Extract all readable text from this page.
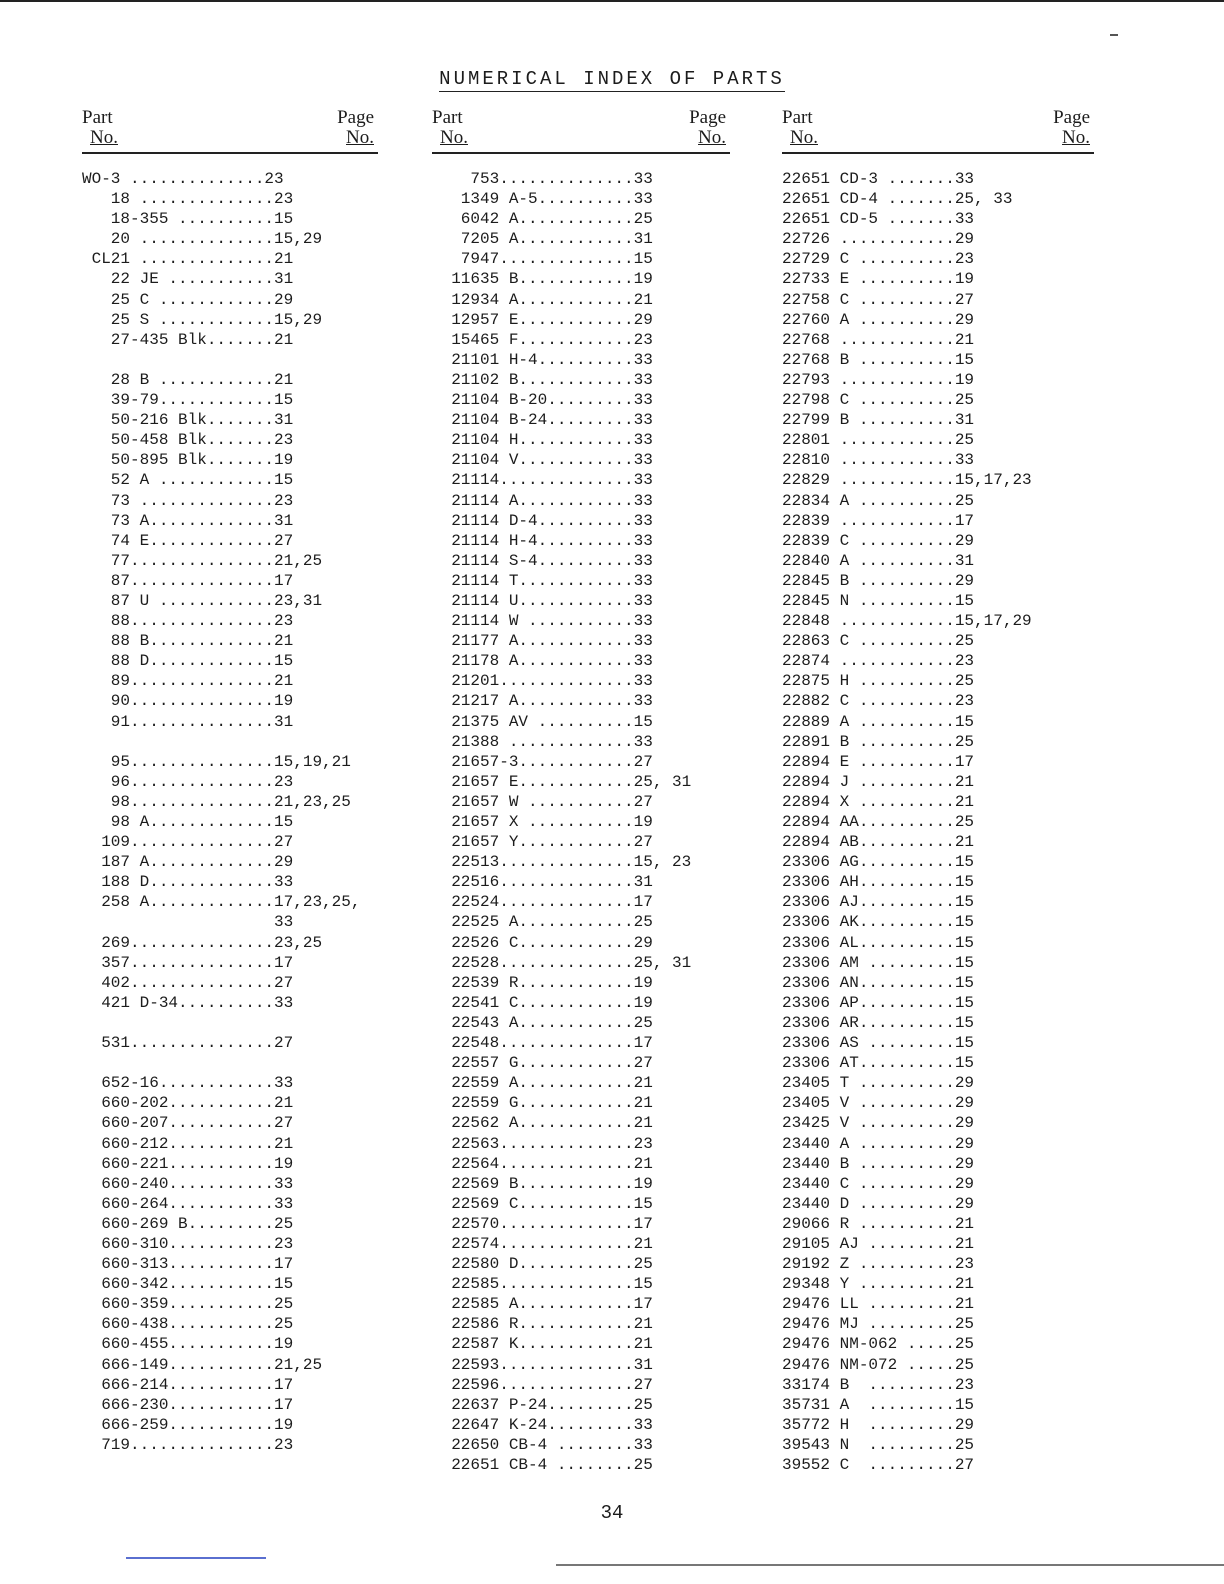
NUMERICAL INDEX OF PARTS
Part
No.
Page
No.
WO-3 ..............23
18 ..............23
18-355 ..........15
20 ..............15,29
CL21 ..............21
22 JE ...........31
25 C ............29
25 S ............15,29
27-435 Blk.......21
28 B ............21
39-79............15
50-216 Blk.......31
50-458 Blk.......23
50-895 Blk.......19
52 A ............15
73 ..............23
73 A.............31
74 E.............27
77...............21,25
87...............17
87 U ............23,31
88...............23
88 B.............21
88 D.............15
89...............21
90...............19
91...............31
95...............15,19,21
96...............23
98...............21,23,25
98 A.............15
109...............27
187 A.............29
188 D.............33
258 A.............17,23,25,
33
269...............23,25
357...............17
402...............27
421 D-34..........33
531...............27
652-16............33
660-202...........21
660-207...........27
660-212...........21
660-221...........19
660-240...........33
660-264...........33
660-269 B.........25
660-310...........23
660-313...........17
660-342...........15
660-359...........25
660-438...........25
660-455...........19
666-149...........21,25
666-214...........17
666-230...........17
666-259...........19
719...............23
Part
No.
Page
No.
753..............33
1349 A-5..........33
6042 A............25
7205 A............31
7947..............15
11635 B............19
12934 A............21
12957 E............29
15465 F............23
21101 H-4..........33
21102 B............33
21104 B-20.........33
21104 B-24.........33
21104 H............33
21104 V............33
21114..............33
21114 A............33
21114 D-4..........33
21114 H-4..........33
21114 S-4..........33
21114 T............33
21114 U............33
21114 W ...........33
21177 A............33
21178 A............33
21201..............33
21217 A............33
21375 AV ..........15
21388 .............33
21657-3............27
21657 E............25, 31
21657 W ...........27
21657 X ...........19
21657 Y............27
22513..............15, 23
22516..............31
22524..............17
22525 A............25
22526 C............29
22528..............25, 31
22539 R............19
22541 C............19
22543 A............25
22548..............17
22557 G............27
22559 A............21
22559 G............21
22562 A............21
22563..............23
22564..............21
22569 B............19
22569 C............15
22570..............17
22574..............21
22580 D............25
22585..............15
22585 A............17
22586 R............21
22587 K............21
22593..............31
22596..............27
22637 P-24.........25
22647 K-24.........33
22650 CB-4 ........33
22651 CB-4 ........25
Part
No.
Page
No.
22651 CD-3 .......33
22651 CD-4 .......25, 33
22651 CD-5 .......33
22726 ............29
22729 C ..........23
22733 E ..........19
22758 C ..........27
22760 A ..........29
22768 ............21
22768 B ..........15
22793 ............19
22798 C ..........25
22799 B ..........31
22801 ............25
22810 ............33
22829 ............15,17,23
22834 A ..........25
22839 ............17
22839 C ..........29
22840 A ..........31
22845 B ..........29
22845 N ..........15
22848 ............15,17,29
22863 C ..........25
22874 ............23
22875 H ..........25
22882 C ..........23
22889 A ..........15
22891 B ..........25
22894 E ..........17
22894 J ..........21
22894 X ..........21
22894 AA..........25
22894 AB..........21
23306 AG..........15
23306 AH..........15
23306 AJ..........15
23306 AK..........15
23306 AL..........15
23306 AM .........15
23306 AN..........15
23306 AP..........15
23306 AR..........15
23306 AS .........15
23306 AT..........15
23405 T ..........29
23405 V ..........29
23425 V ..........29
23440 A ..........29
23440 B ..........29
23440 C ..........29
23440 D ..........29
29066 R ..........21
29105 AJ .........21
29192 Z ..........23
29348 Y ..........21
29476 LL .........21
29476 MJ .........25
29476 NM-062 .....25
29476 NM-072 .....25
33174 B  .........23
35731 A  .........15
35772 H  .........29
39543 N  .........25
39552 C  .........27
34
